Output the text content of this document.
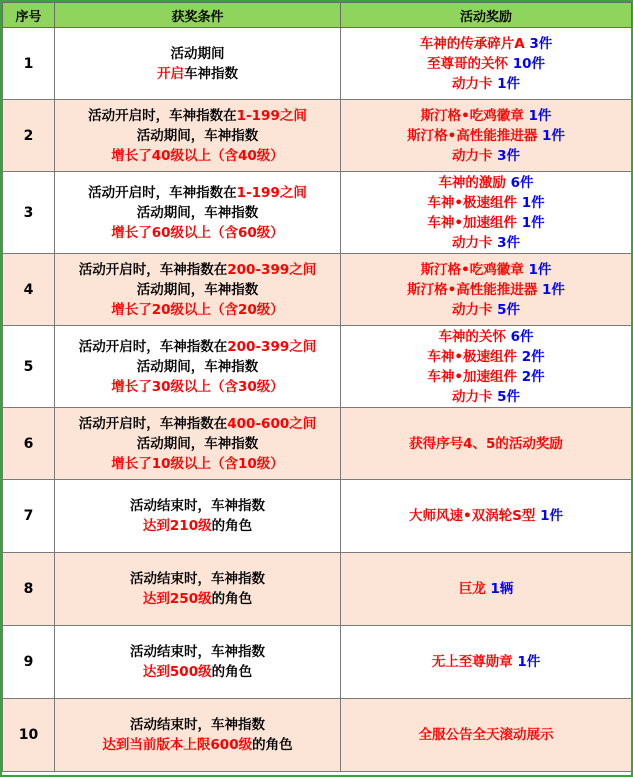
序号	获奖条件	活动奖励
1	活动期间
开启车神指数	车神的传承碎片A 3件
至尊哥的关怀 10件
动力卡 1件

2	活动开启时，车神指数在1-199之间
活动期间，车神指数
增长了40级以上（含40级）	斯汀格•吃鸡徽章 1件
斯汀格•高性能推进器 1件
动力卡 3件

3	活动开启时，车神指数在1-199之间
活动期间，车神指数
增长了60级以上（含60级）	车神的激励 6件
车神•极速组件 1件
车神•加速组件 1件
动力卡 3件

4	活动开启时，车神指数在200-399之间
活动期间，车神指数
增长了20级以上（含20级）	斯汀格•吃鸡徽章 1件
斯汀格•高性能推进器 1件
动力卡 5件

5	活动开启时，车神指数在200-399之间
活动期间，车神指数
增长了30级以上（含30级）	车神的关怀 6件
车神•极速组件 2件
车神•加速组件 2件
动力卡 5件

6	活动开启时，车神指数在400-600之间
活动期间，车神指数
增长了10级以上（含10级）	获得序号4、5的活动奖励

7	活动结束时，车神指数
达到210级的角色	大师风速•双涡轮S型 1件

8	活动结束时，车神指数
达到250级的角色	巨龙 1辆

9	活动结束时，车神指数
达到500级的角色	无上至尊勋章 1件

10	活动结束时，车神指数
达到当前版本上限600级的角色	全服公告全天滚动展示
